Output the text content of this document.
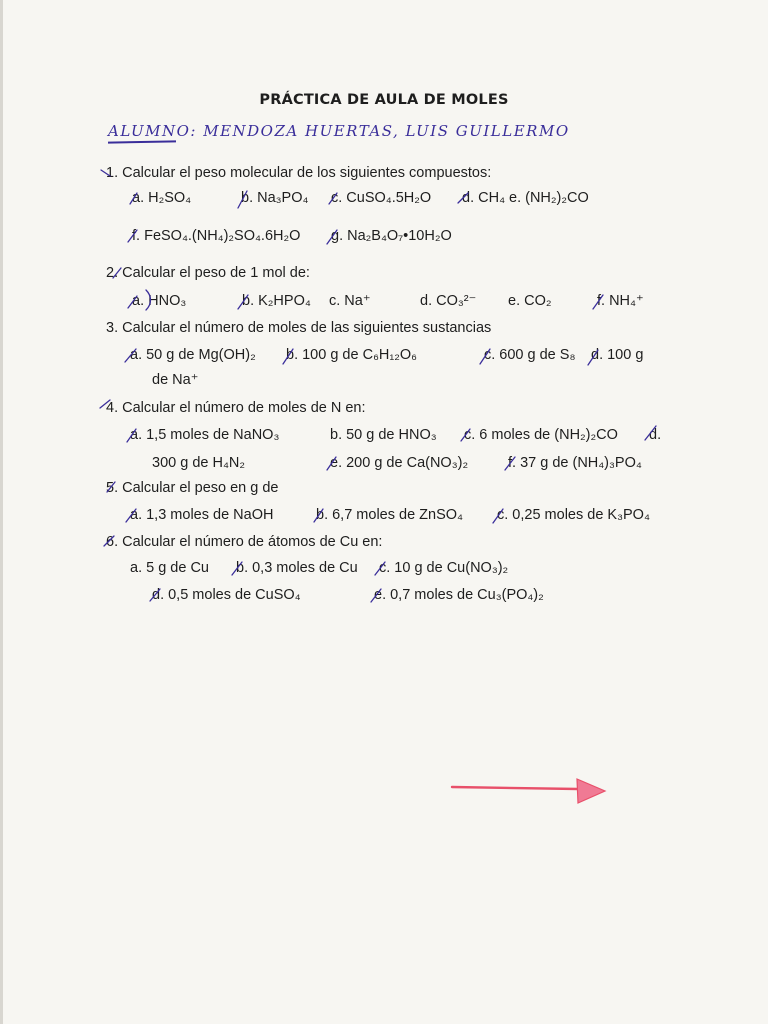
PRÁCTICA DE AULA DE MOLES
ALUMNO: MENDOZA HUERTAS, LUIS GUILLERMO
1. Calcular el peso molecular de los siguientes compuestos:
a. H₂SO₄	b. Na₃PO₄ c. CuSO₄.5H₂O d. CH₄ e. (NH₂)₂CO
f. FeSO₄.(NH₄)₂SO₄.6H₂O g. Na₂B₄O₇•10H₂O
2. Calcular el peso de 1 mol de:
a. HNO₃	b. K₂HPO₄ c. Na⁺	d. CO₃²⁻ e. CO₂	f. NH₄⁺
3. Calcular el número de moles de las siguientes sustancias
a. 50 g de Mg(OH)₂ b. 100 g de C₆H₁₂O₆	c. 600 g de S₈ d. 100 g
de Na⁺
4. Calcular el número de moles de N en:
a. 1,5 moles de NaNO₃	b. 50 g de HNO₃ c. 6 moles de (NH₂)₂CO d.
300 g de H₄N₂	e. 200 g de Ca(NO₃)₂	f. 37 g de (NH₄)₃PO₄
5. Calcular el peso en g de
a. 1,3 moles de NaOH	b. 6,7 moles de ZnSO₄ c. 0,25 moles de K₃PO₄
6. Calcular el número de átomos de Cu en:
a. 5 g de Cu b. 0,3 moles de Cu c. 10 g de Cu(NO₃)₂
d. 0,5 moles de CuSO₄	e. 0,7 moles de Cu₃(PO₄)₂
